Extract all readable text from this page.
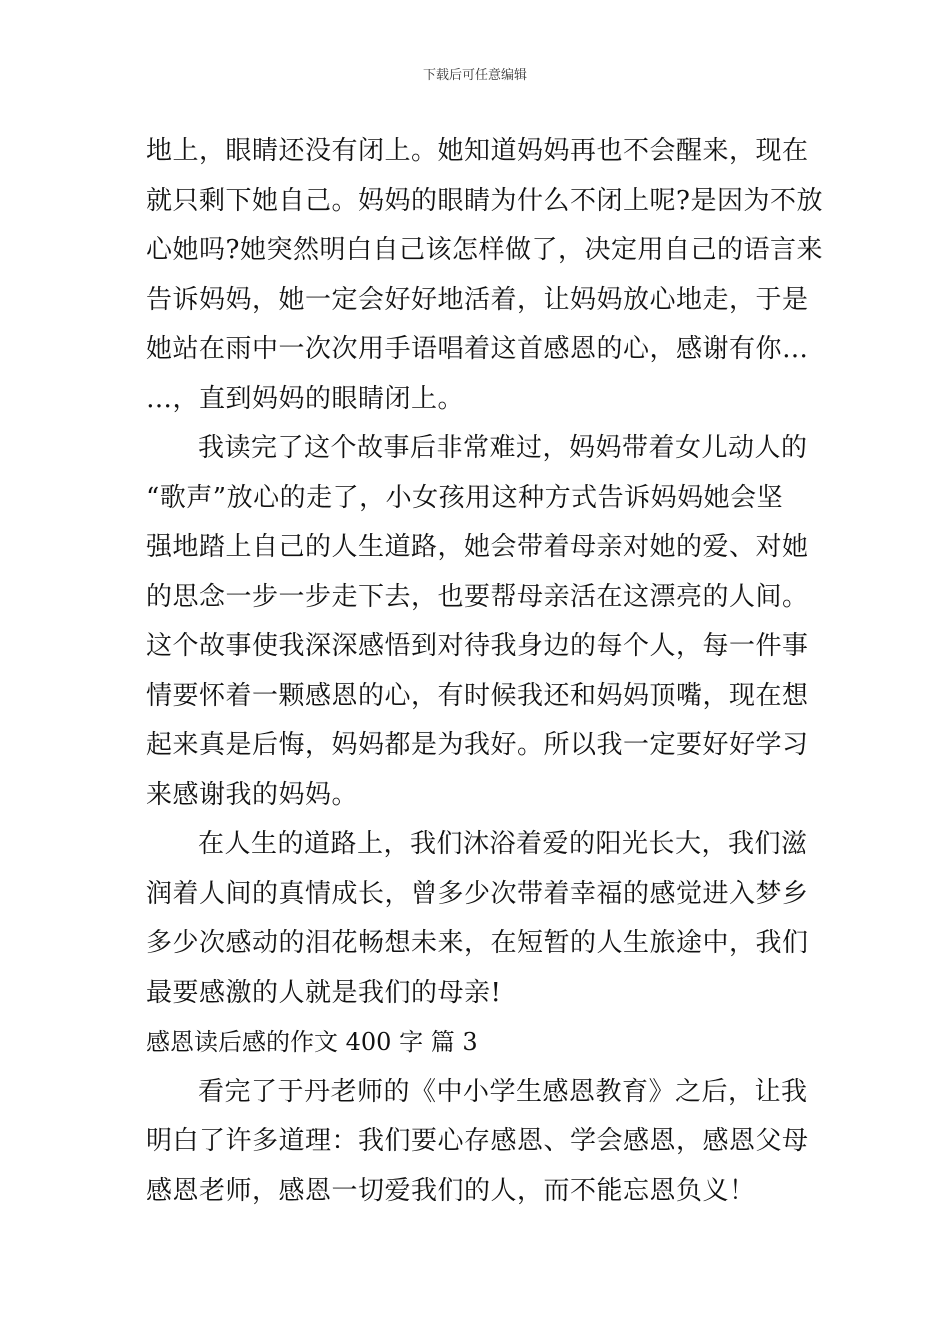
下载后可任意编辑
地上，眼睛还没有闭上。她知道妈妈再也不会醒来，现在
就只剩下她自己。妈妈的眼睛为什么不闭上呢?是因为不放
心她吗?她突然明白自己该怎样做了，决定用自己的语言来
告诉妈妈，她一定会好好地活着，让妈妈放心地走，于是
她站在雨中一次次用手语唱着这首感恩的心，感谢有你…
…，直到妈妈的眼睛闭上。
我读完了这个故事后非常难过，妈妈带着女儿动人的
“歌声”放心的走了，小女孩用这种方式告诉妈妈她会坚
强地踏上自己的人生道路，她会带着母亲对她的爱、对她
的思念一步一步走下去，也要帮母亲活在这漂亮的人间。
这个故事使我深深感悟到对待我身边的每个人，每一件事
情要怀着一颗感恩的心，有时候我还和妈妈顶嘴，现在想
起来真是后悔，妈妈都是为我好。所以我一定要好好学习
来感谢我的妈妈。
在人生的道路上，我们沐浴着爱的阳光长大，我们滋
润着人间的真情成长，曾多少次带着幸福的感觉进入梦乡
多少次感动的泪花畅想未来，在短暂的人生旅途中，我们
最要感激的人就是我们的母亲!
感恩读后感的作文 400 字 篇 3
看完了于丹老师的《中小学生感恩教育》之后，让我
明白了许多道理：我们要心存感恩、学会感恩，感恩父母
感恩老师，感恩一切爱我们的人，而不能忘恩负义！
